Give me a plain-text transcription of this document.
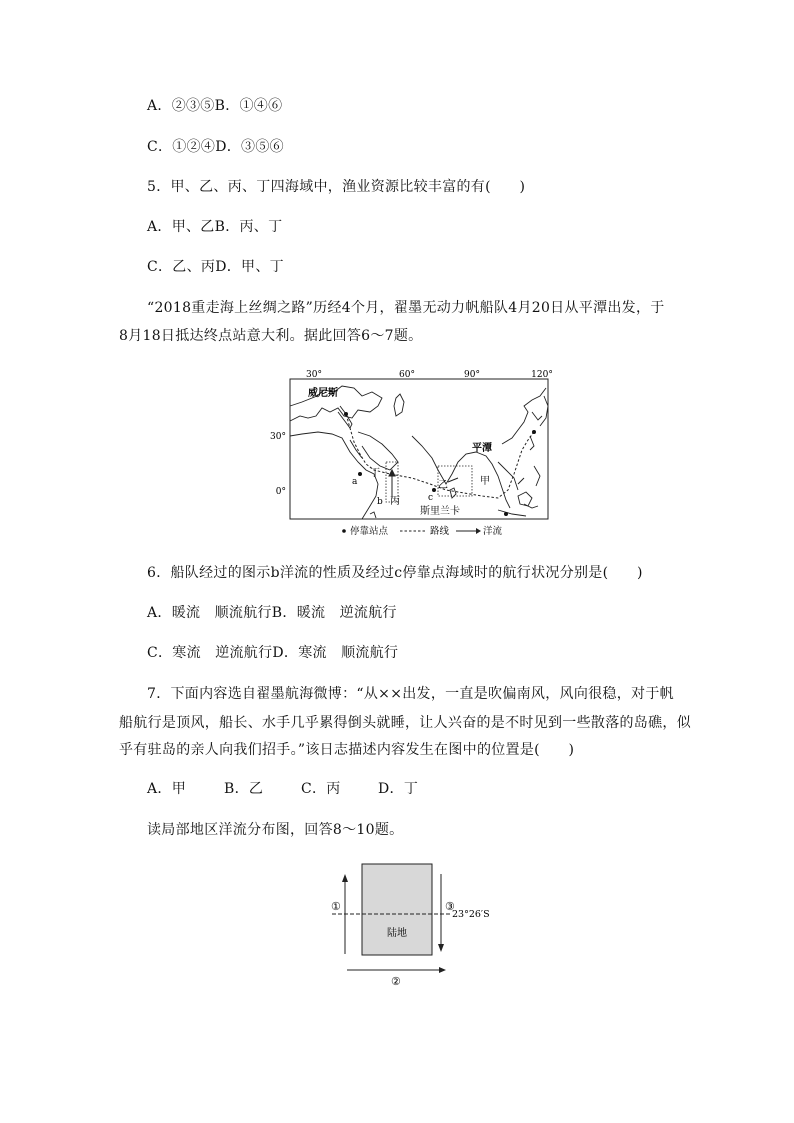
A．②③⑤B．①④⑥
C．①②④D．③⑤⑥
5．甲、乙、丙、丁四海域中，渔业资源比较丰富的有(　　)
A．甲、乙B．丙、丁
C．乙、丙D．甲、丁
“2018重走海上丝绸之路”历经4个月，翟墨无动力帆船队4月20日从平潭出发，于
8月18日抵达终点站意大利。据此回答6～7题。
30°	60°	90°	120°
30°
0°
威尼斯
平潭
甲
乙
丙
丁
斯里兰卡
a
b	c
停靠站点	路线	洋流
6．船队经过的图示b洋流的性质及经过c停靠点海域时的航行状况分别是(　　)
A．暖流　顺流航行B．暖流　逆流航行
C．寒流　逆流航行D．寒流　顺流航行
7．下面内容选自翟墨航海微博：“从××出发，一直是吹偏南风，风向很稳，对于帆
船航行是顶风，船长、水手几乎累得倒头就睡，让人兴奋的是不时见到一些散落的岛礁，似
乎有驻岛的亲人向我们招手。”该日志描述内容发生在图中的位置是(　　)
A．甲	B．乙	C．丙	D．丁
读局部地区洋流分布图，回答8～10题。
陆地
23°26′S
①	③
②
